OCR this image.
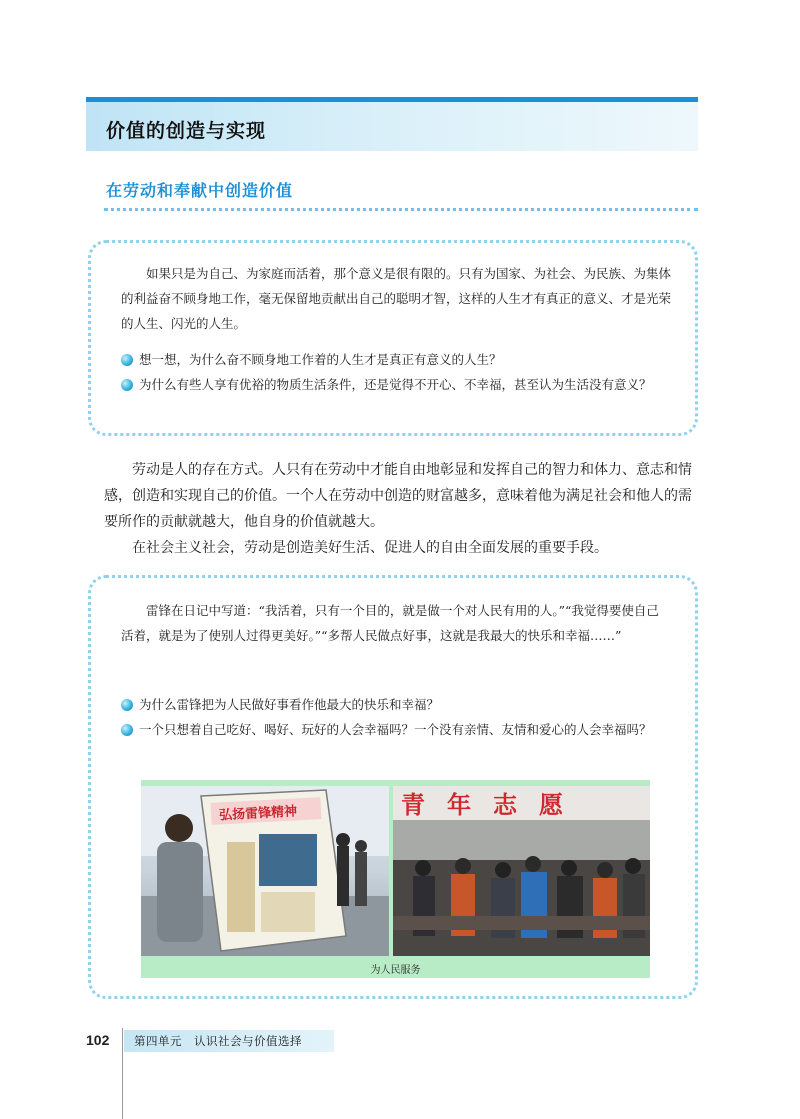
价值的创造与实现
在劳动和奉献中创造价值

如果只是为自己、为家庭而活着，那个意义是很有限的。只有为国家、为社会、为民族、为集体的利益奋不顾身地工作，毫无保留地贡献出自己的聪明才智，这样的人生才有真正的意义、才是光荣的人生、闪光的人生。

想一想，为什么奋不顾身地工作着的人生才是真正有意义的人生？

为什么有些人享有优裕的物质生活条件，还是觉得不开心、不幸福，甚至认为生活没有意义？

劳动是人的存在方式。人只有在劳动中才能自由地彰显和发挥自己的智力和体力、意志和情感，创造和实现自己的价值。一个人在劳动中创造的财富越多，意味着他为满足社会和他人的需要所作的贡献就越大，他自身的价值就越大。

在社会主义社会，劳动是创造美好生活、促进人的自由全面发展的重要手段。

雷锋在日记中写道：“我活着，只有一个目的，就是做一个对人民有用的人。”“我觉得要使自己活着，就是为了使别人过得更美好。”“多帮人民做点好事，这就是我最大的快乐和幸福……”

为什么雷锋把为人民做好事看作他最大的快乐和幸福？

一个只想着自己吃好、喝好、玩好的人会幸福吗？一个没有亲情、友情和爱心的人会幸福吗？

弘扬雷锋精神	青年志愿
为人民服务
102 第四单元　认识社会与价值选择
